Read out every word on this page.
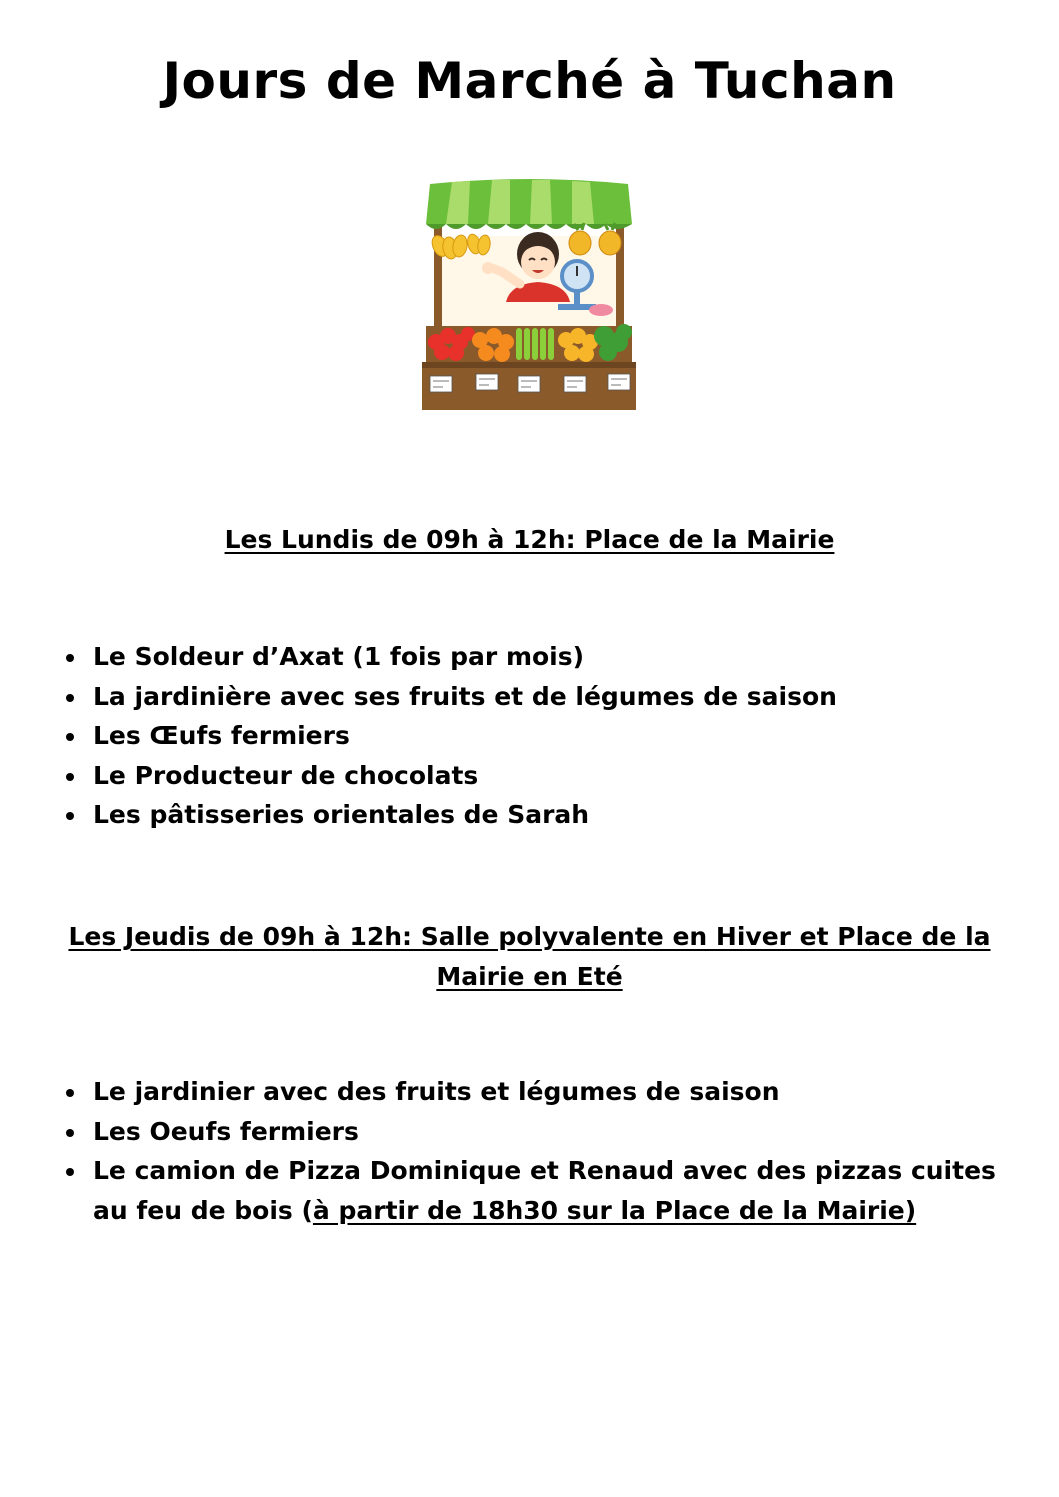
Jours de Marché à Tuchan
Les Lundis de 09h à 12h: Place de la Mairie
Le Soldeur d’Axat (1 fois par mois)
La jardinière avec ses fruits et de légumes de saison
Les Œufs fermiers
Le Producteur de chocolats
Les pâtisseries orientales de Sarah
Les Jeudis de 09h à 12h: Salle polyvalente en Hiver et Place de la
Mairie en Eté
Le jardinier avec des fruits et légumes de saison
Les Oeufs fermiers
Le camion de Pizza Dominique et Renaud avec des pizzas cuites au feu de bois (à partir de 18h30 sur la Place de la Mairie)
